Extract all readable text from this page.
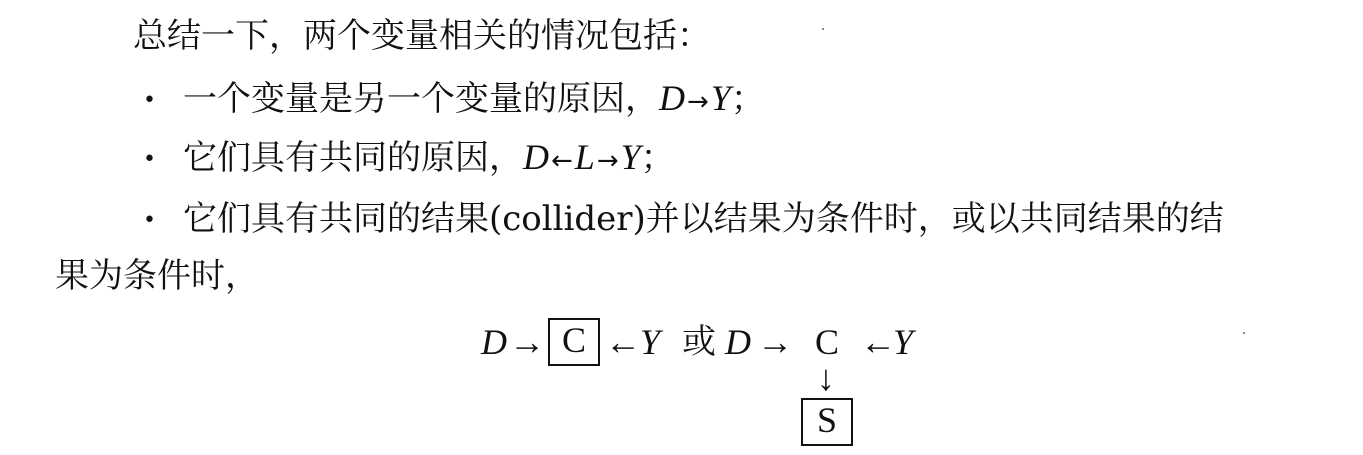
总结一下，两个变量相关的情况包括：
• 一个变量是另一个变量的原因，D→Y；
• 它们具有共同的原因，D←L→Y；
• 它们具有共同的结果(collider)并以结果为条件时，或以共同结果的结
果为条件时，
D → C ← Y 或 D → C ←
Y
↓
S
